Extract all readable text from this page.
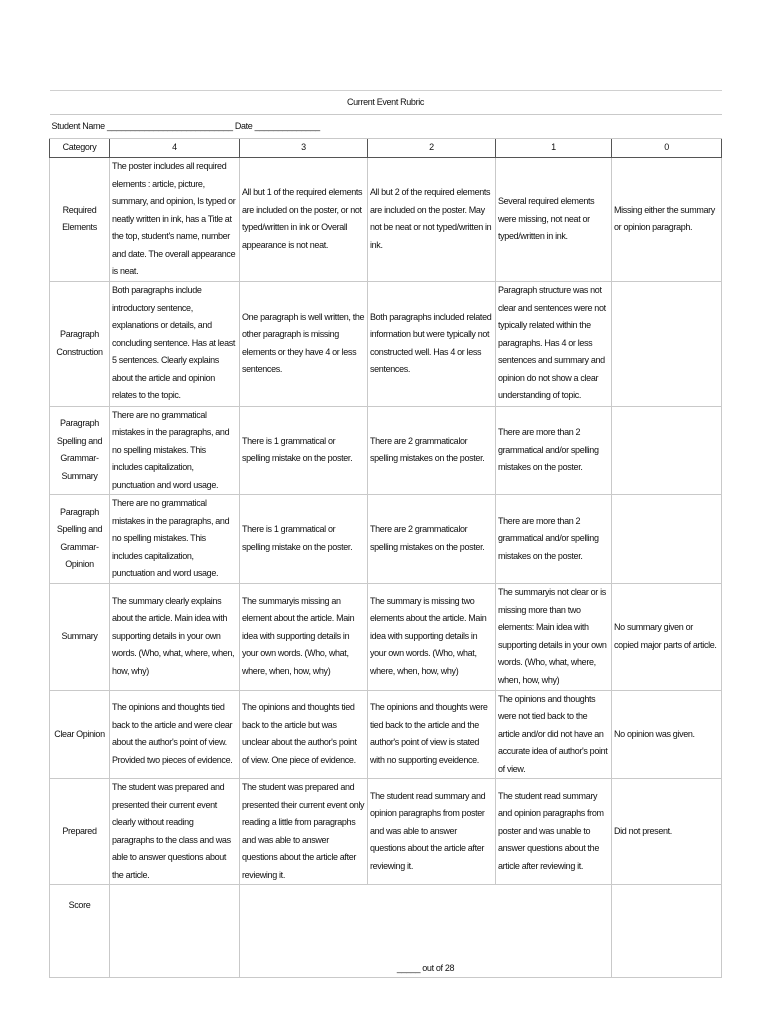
Current Event Rubric					
Student Name ___________________________ Date ______________					
Category	4	3	2	1	0
Required Elements	The poster includes all required elements : article, picture, summary, and opinion, Is typed or neatly written in ink, has a Title at the top, student's name, number and date. The overall appearance is neat.	All but 1 of the required elements are included on the poster, or not typed/written in ink or Overall appearance is not neat.	All but 2 of the required elements are included on the poster. May not be neat or not typed/written in ink.	Several required elements were missing, not neat or typed/written in ink.	Missing either the summary or opinion paragraph.
Paragraph Construction	Both paragraphs include introductory sentence, explanations or details, and concluding sentence. Has at least 5 sentences. Clearly explains about the article and opinion relates to the topic.	One paragraph is well written, the other paragraph is missing elements or they have 4 or less sentences.	Both paragraphs included related information but were typically not constructed well. Has 4 or less sentences.	Paragraph structure was not clear and sentences were not typically related within the paragraphs. Has 4 or less sentences and summary and opinion do not show a clear understanding of topic.	
Paragraph Spelling and Grammar-Summary	There are no grammatical mistakes in the paragraphs, and no spelling mistakes. This includes capitalization, punctuation and word usage.	There is 1 grammatical or spelling mistake on the poster.	There are 2 grammaticalor spelling mistakes on the poster.	There are more than 2 grammatical and/or spelling mistakes on the poster.	
Paragraph Spelling and Grammar-Opinion	There are no grammatical mistakes in the paragraphs, and no spelling mistakes. This includes capitalization, punctuation and word usage.	There is 1 grammatical or spelling mistake on the poster.	There are 2 grammaticalor spelling mistakes on the poster.	There are more than 2 grammatical and/or spelling mistakes on the poster.	
Summary	The summary clearly explains about the article. Main idea with supporting details in your own words. (Who, what, where, when, how, why)	The summaryis missing an element about the article. Main idea with supporting details in your own words. (Who, what, where, when, how, why)	The summary is missing two elements about the article. Main idea with supporting details in your own words. (Who, what, where, when, how, why)	The summaryis not clear or is missing more than two elements: Main idea with supporting details in your own words. (Who, what, where, when, how, why)	No summary given or copied major parts of article.
Clear Opinion	The opinions and thoughts tied back to the article and were clear about the author's point of view. Provided two pieces of evidence.	The opinions and thoughts tied back to the article but was unclear about the author's point of view. One piece of evidence.	The opinions and thoughts were tied back to the article and the author's point of view is stated with no supporting eveidence.	The opinions and thoughts were not tied back to the article and/or did not have an accurate idea of author's point of view.	No opinion was given.
Prepared	The student was prepared and presented their current event clearly without reading paragraphs to the class and was able to answer questions about the article.	The student was prepared and presented their current event only reading a little from paragraphs and was able to answer questions about the article after reviewing it.	The student read summary and opinion paragraphs from poster and was able to answer questions about the article after reviewing it.	The student read summary and opinion paragraphs from poster and was unable to answer questions about the article after reviewing it.	Did not present.
Score		_____ out of 28			
